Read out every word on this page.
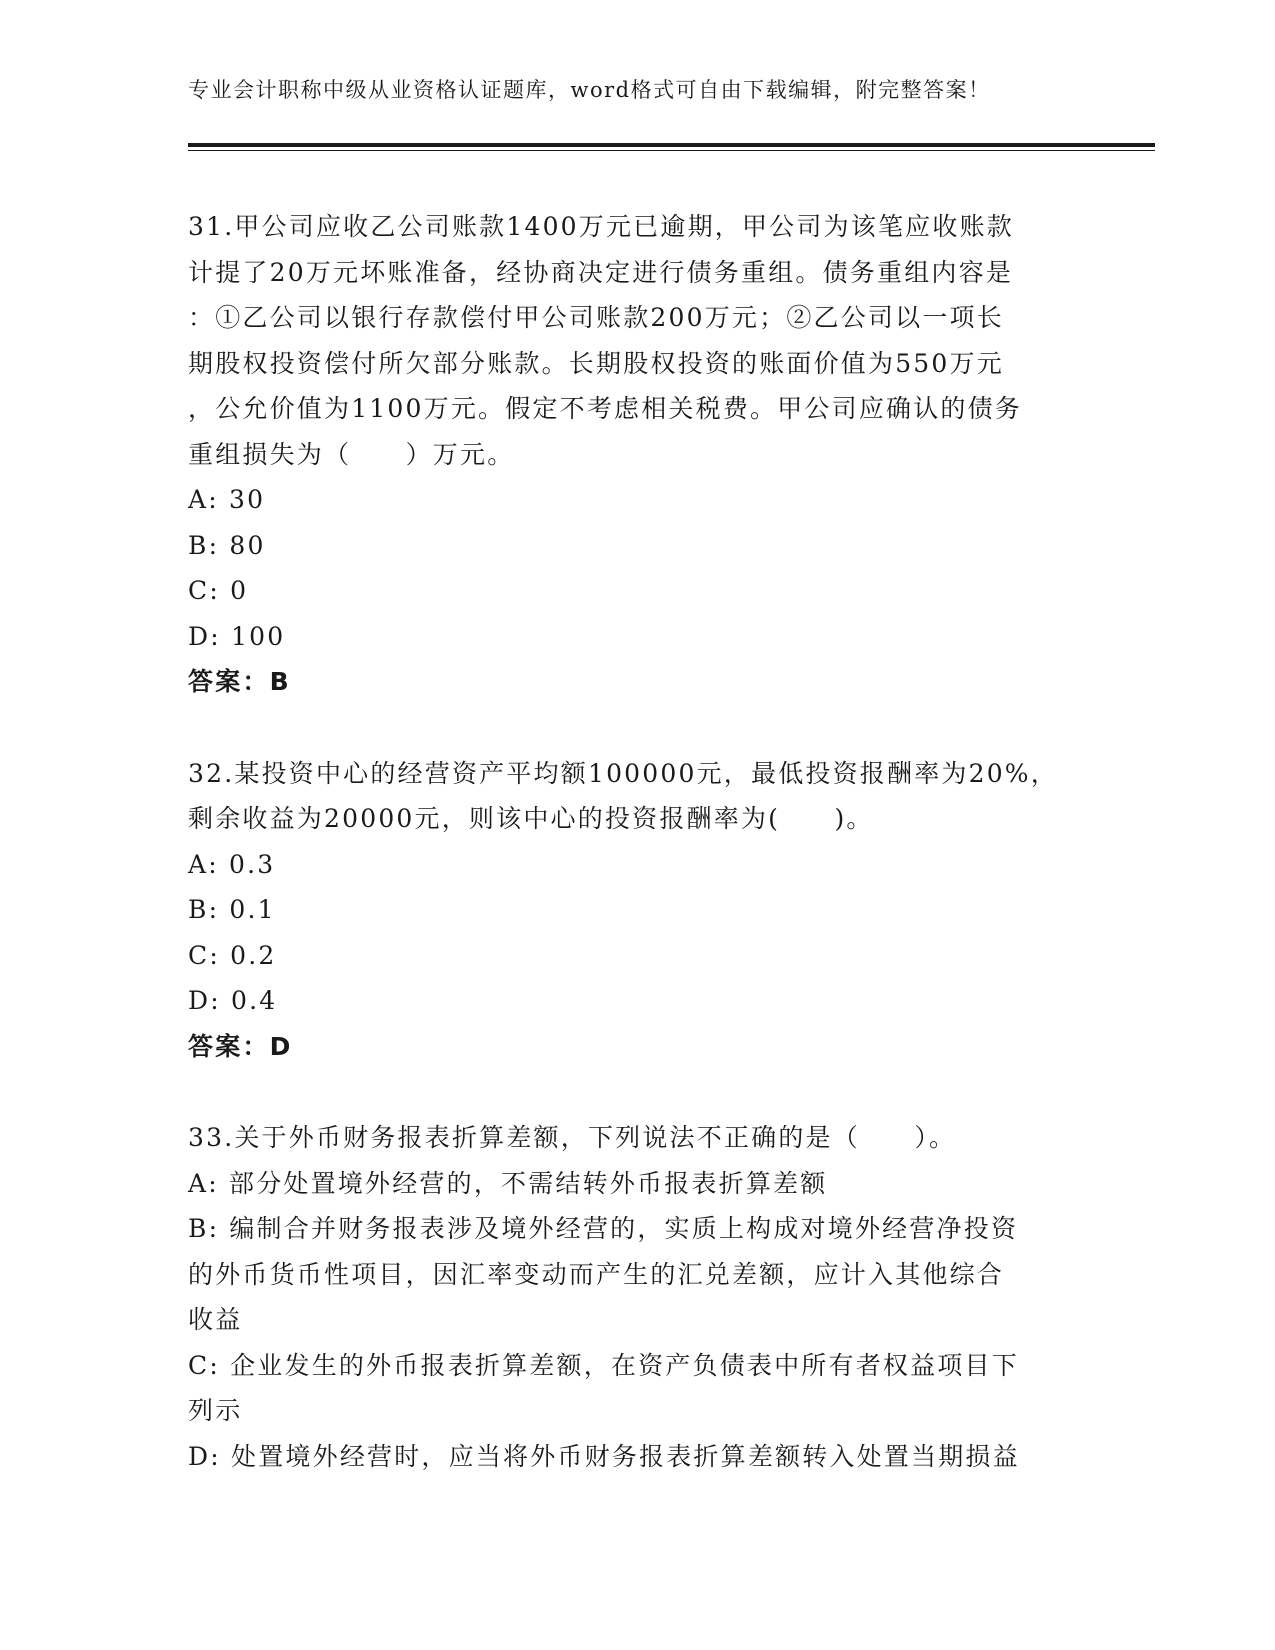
专业会计职称中级从业资格认证题库，word格式可自由下载编辑，附完整答案！
31.甲公司应收乙公司账款1400万元已逾期，甲公司为该笔应收账款
计提了20万元坏账准备，经协商决定进行债务重组。债务重组内容是
：①乙公司以银行存款偿付甲公司账款200万元；②乙公司以一项长
期股权投资偿付所欠部分账款。长期股权投资的账面价值为550万元
，公允价值为1100万元。假定不考虑相关税费。甲公司应确认的债务
重组损失为（　　）万元。
A: 30
B: 80
C: 0
D: 100
答案：B
32.某投资中心的经营资产平均额100000元，最低投资报酬率为20%，
剩余收益为20000元，则该中心的投资报酬率为(　　)。
A: 0.3
B: 0.1
C: 0.2
D: 0.4
答案：D
33.关于外币财务报表折算差额，下列说法不正确的是（　　）。
A: 部分处置境外经营的，不需结转外币报表折算差额
B: 编制合并财务报表涉及境外经营的，实质上构成对境外经营净投资
的外币货币性项目，因汇率变动而产生的汇兑差额，应计入其他综合
收益
C: 企业发生的外币报表折算差额，在资产负债表中所有者权益项目下
列示
D: 处置境外经营时，应当将外币财务报表折算差额转入处置当期损益
